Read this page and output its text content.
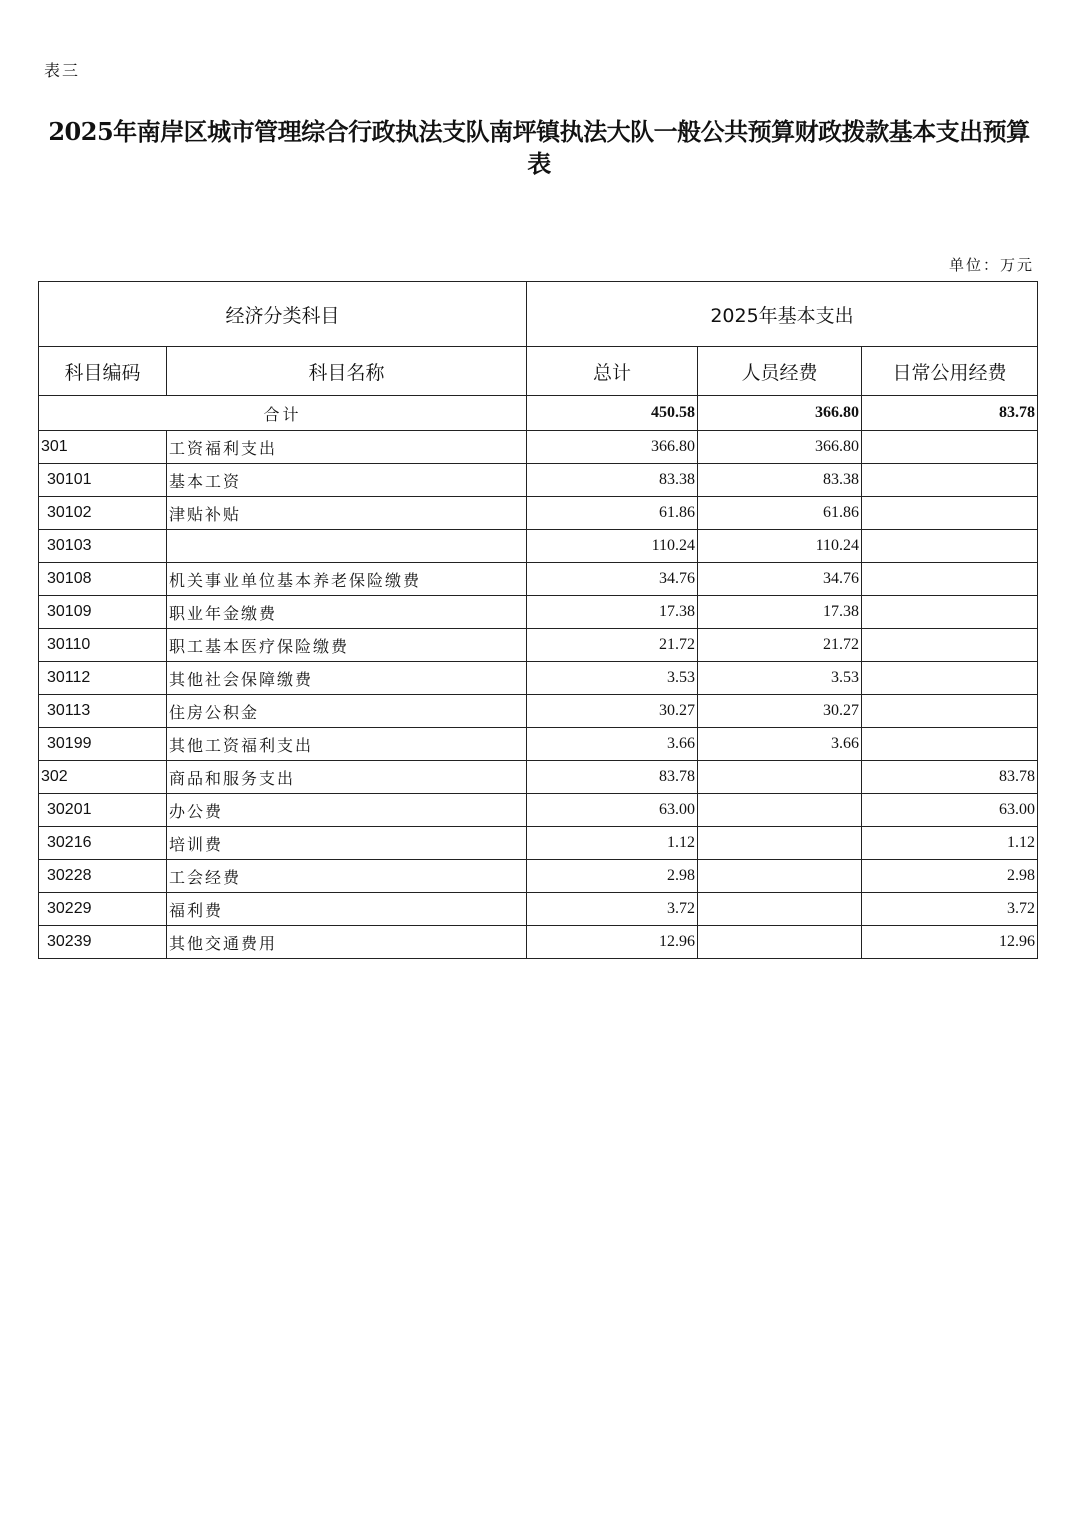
表三
2025年南岸区城市管理综合行政执法支队南坪镇执法大队一般公共预算财政拨款基本支出预算表
单位：万元
经济分类科目		2025年基本支出		
科目编码	科目名称	总计	人员经费	日常公用经费
合计		450.58	366.80	83.78
301	工资福利支出	366.80	366.80	
30101	基本工资	83.38	83.38	
30102	津贴补贴	61.86	61.86	
30103		110.24	110.24	
30108	机关事业单位基本养老保险缴费	34.76	34.76	
30109	职业年金缴费	17.38	17.38	
30110	职工基本医疗保险缴费	21.72	21.72	
30112	其他社会保障缴费	3.53	3.53	
30113	住房公积金	30.27	30.27	
30199	其他工资福利支出	3.66	3.66	
302	商品和服务支出	83.78		83.78
30201	办公费	63.00		63.00
30216	培训费	1.12		1.12
30228	工会经费	2.98		2.98
30229	福利费	3.72		3.72
30239	其他交通费用	12.96		12.96
